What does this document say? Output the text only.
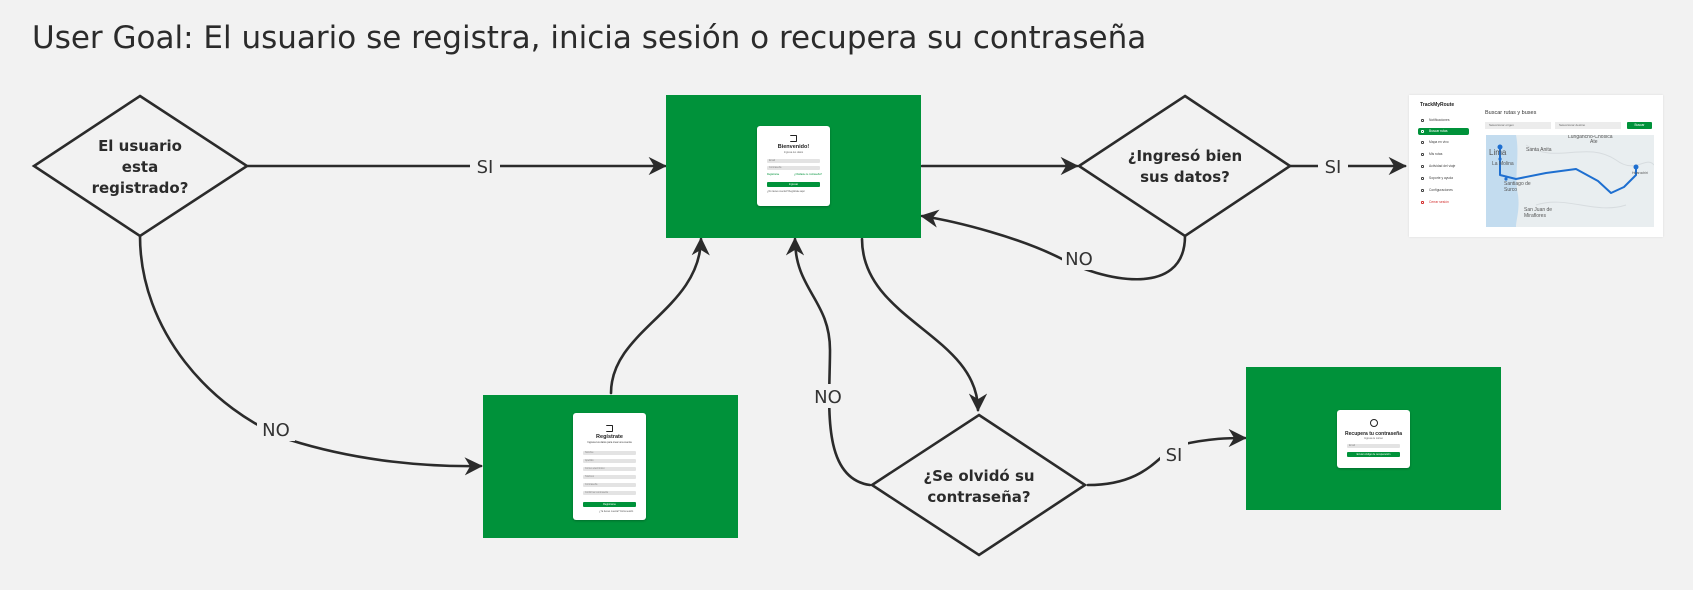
User Goal: El usuario se registra, inicia sesión o recupera su contraseña
El usuario
esta
registrado?
¿Ingresó bien
sus datos?
¿Se olvidó su
contraseña?
SI	SI
NO
NO
NO
SI
Bienvenido!
Ingresa tus datos
Email
Contraseña
Registrarse	¿Olvidaste tu contraseña?
Ingresar
¿No tienes cuenta? Regístrate aquí
Regístrate
Ingresa tus datos para crear una cuenta
Nombre
Apellido
Correo electrónico
Teléfono
Contraseña
Confirmar contraseña
Registrarse
¿Ya tienes cuenta? Inicia sesión
Recupera tu contraseña
Ingresa tu correo
Email
Enviar código de recuperación
TrackMyRoute
Notificaciones
Buscar rutas
Mapa en vivo
Mis rutas
Actividad del viaje
Soporte y ayuda
Configuraciones
Cerrar sesión
Buscar rutas y buses
Seleccionar origen	Seleccionar destino	Buscar
Lurigancho-Chosica
Ate
Santa Anita
Lima
La Molina
Santiago de Surco
San Juan de Miraflores
Huarochirí
